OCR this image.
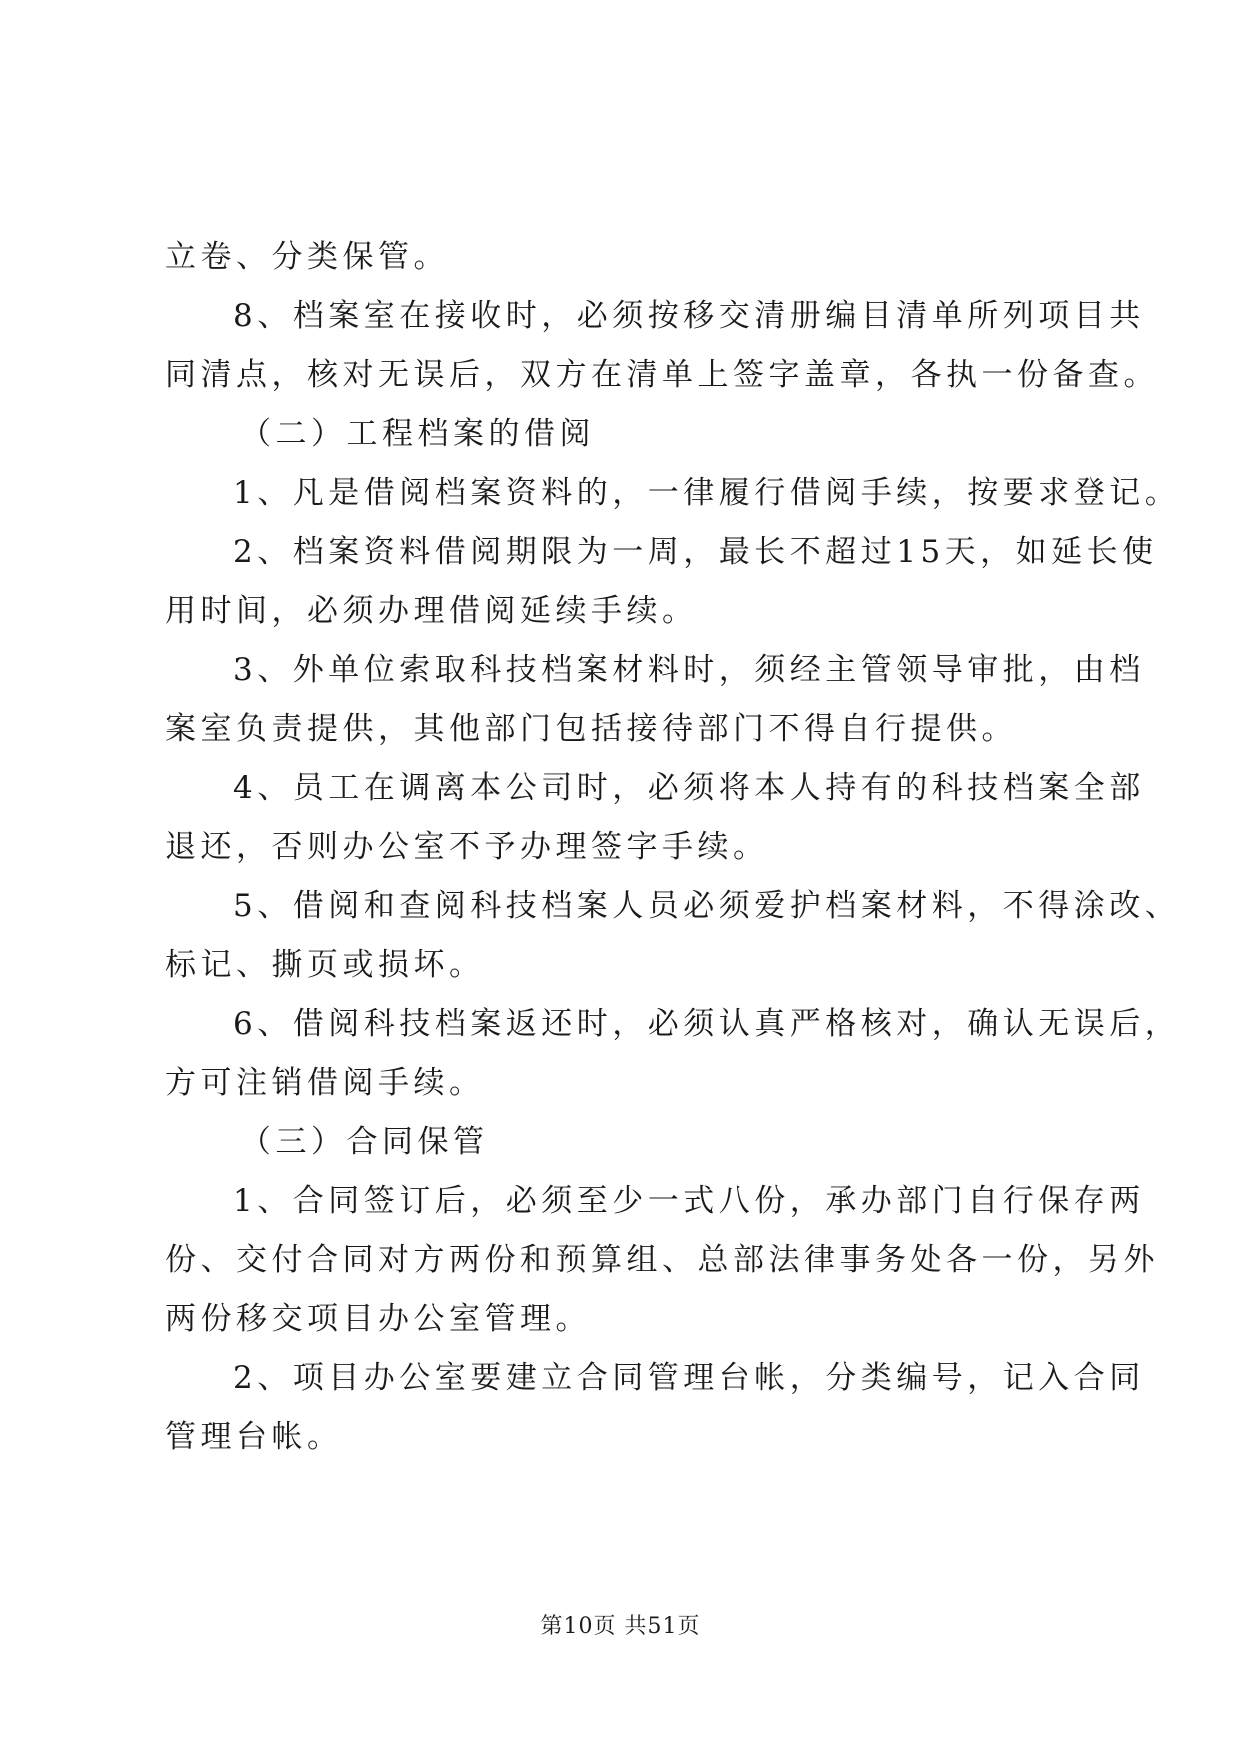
立卷、分类保管。
8、档案室在接收时，必须按移交清册编目清单所列项目共
同清点，核对无误后，双方在清单上签字盖章，各执一份备查。
（二）工程档案的借阅
1、凡是借阅档案资料的，一律履行借阅手续，按要求登记。
2、档案资料借阅期限为一周，最长不超过15天，如延长使
用时间，必须办理借阅延续手续。
3、外单位索取科技档案材料时，须经主管领导审批，由档
案室负责提供，其他部门包括接待部门不得自行提供。
4、员工在调离本公司时，必须将本人持有的科技档案全部
退还，否则办公室不予办理签字手续。
5、借阅和查阅科技档案人员必须爱护档案材料，不得涂改、
标记、撕页或损坏。
6、借阅科技档案返还时，必须认真严格核对，确认无误后，
方可注销借阅手续。
（三）合同保管
1、合同签订后，必须至少一式八份，承办部门自行保存两
份、交付合同对方两份和预算组、总部法律事务处各一份，另外
两份移交项目办公室管理。
2、项目办公室要建立合同管理台帐，分类编号，记入合同
管理台帐。
第10页 共51页
